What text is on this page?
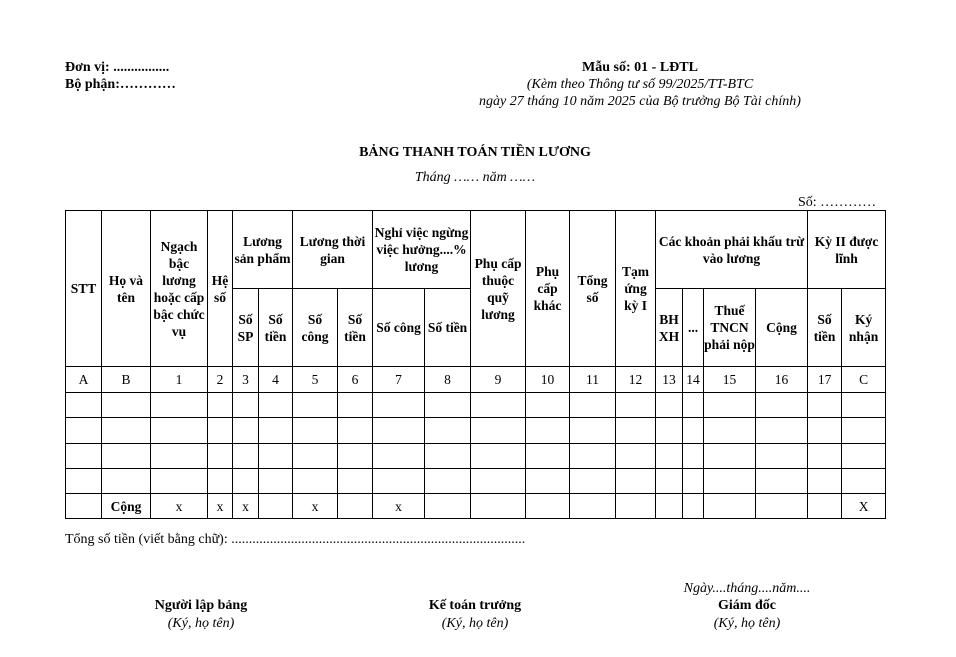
Đơn vị: ................
Bộ phận:…………
Mẫu số: 01 - LĐTL
(Kèm theo Thông tư số 99/2025/TT-BTC
ngày 27 tháng 10 năm 2025 của Bộ trưởng Bộ Tài chính)
BẢNG THANH TOÁN TIỀN LƯƠNG
Tháng …… năm ……
Số: …………
STT	Họ và tên	Ngạch bậc lương hoặc cấp bậc chức vụ	Hệ số	Lương sản phẩm		Lương thời gian		Nghỉ việc ngừng việc hưởng....% lương		Phụ cấp thuộc quỹ lương	Phụ cấp khác	Tổng số	Tạm ứng kỳ I	Các khoản phải khấu trừ vào lương				Kỳ II được lĩnh	
				Số SP	Số tiền	Số công	Số tiền	Số công	Số tiền					BH XH	...	Thuế TNCN phải nộp	Cộng	Số tiền	Ký nhận
A	B	1	2	3	4	5	6	7	8	9	10	11	12	13	14	15	16	17	C

	Cộng	x	x	x		x		x											X
Tổng số tiền (viết bằng chữ): ....................................................................................
Ngày....tháng....năm....
Người lập bảng
(Ký, họ tên)
Kế toán trưởng
(Ký, họ tên)
Giám đốc
(Ký, họ tên)
